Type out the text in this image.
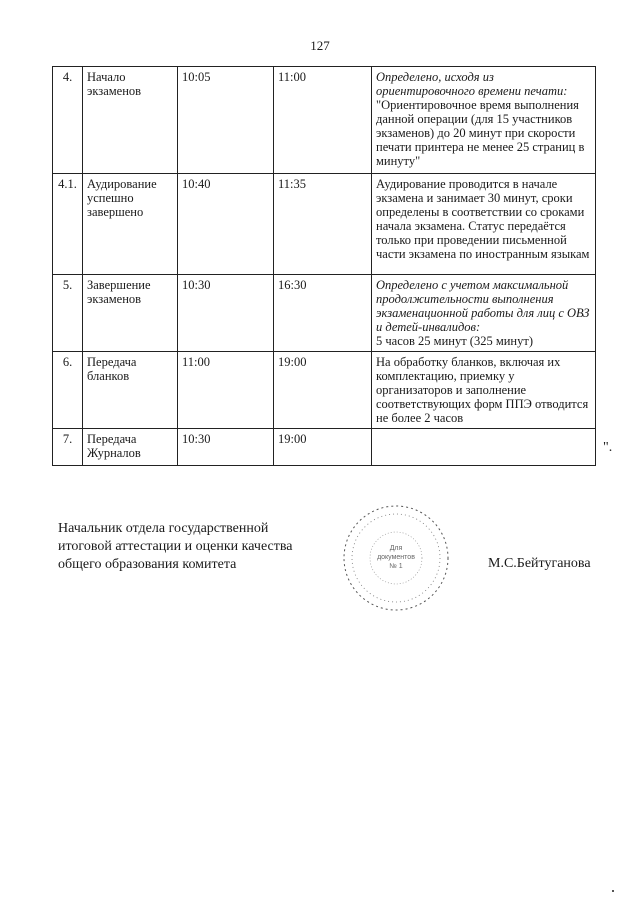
127
4.	Начало экзаменов	10:05	11:00	Определено, исходя из ориентировочного времени печати:
"Ориентировочное время выполнения данной операции (для 15 участников экзаменов) до 20 минут при скорости печати принтера не менее 25 страниц в минуту"

4.1.	Аудирование успешно завершено	10:40	11:35	Аудирование проводится в начале экзамена и занимает 30 минут, сроки определены в соответствии со сроками начала экзамена. Статус передаётся только при проведении письменной части экзамена по иностранным языкам

5.	Завершение экзаменов	10:30	16:30	Определено с учетом максимальной продолжительности выполнения экзаменационной работы для лиц с ОВЗ и детей-инвалидов:
5 часов 25 минут (325 минут)

6.	Передача бланков	11:00	19:00	На обработку бланков, включая их комплектацию, приемку у организаторов и заполнение соответствующих форм ППЭ отводится не более 2 часов

7.	Передача Журналов	10:30	19:00	
".
Начальник отдела государственной
итоговой аттестации и оценки качества
общего образования комитета
Для
документов
№ 1	М.С.Бейтуганова
